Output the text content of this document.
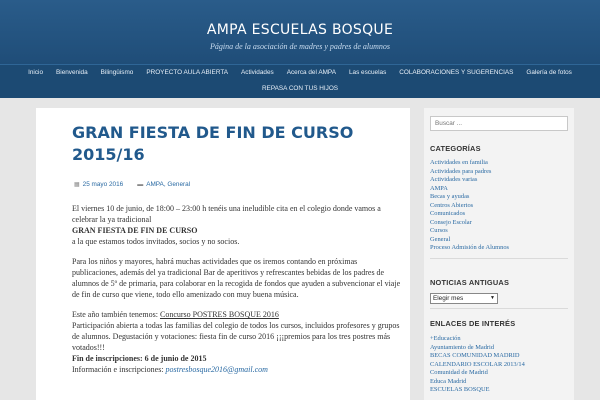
AMPA ESCUELAS BOSQUE
Página de la asociación de madres y padres de alumnos
Inicio Bienvenida Bilingüismo PROYECTO AULA ABIERTA Actividades Acerca del AMPA Las escuelas COLABORACIONES Y SUGERENCIAS Galería de fotos
REPASA CON TUS HIJOS
GRAN FIESTA DE FIN DE CURSO 2015/16
▦ 25 mayo 2016 ▬ AMPA, General

El viernes 10 de junio, de 18:00 – 23:00 h tenéis una ineludible cita en el colegio donde vamos a celebrar la ya tradicional
GRAN FIESTA DE FIN DE CURSO
a la que estamos todos invitados, socios y no socios.

Para los niños y mayores, habrá muchas actividades que os iremos contando en próximas publicaciones, además del ya tradicional Bar de aperitivos y refrescantes bebidas de los padres de alumnos de 5º de primaria, para colaborar en la recogida de fondos que ayuden a subvencionar el viaje de fin de curso que viene, todo ello amenizado con muy buena música.

Este año también tenemos: Concurso POSTRES BOSQUE 2016
Participación abierta a todas las familias del colegio de todos los cursos, incluidos profesores y grupos de alumnos. Degustación y votaciones: fiesta fin de curso 2016 ¡¡¡premios para los tres postres más votados!!!
Fin de inscripciones: 6 de junio de 2015
Información e inscripciones: postresbosque2016@gmail.com

Buscar ...
CATEGORÍAS
Actividades en familia
Actividades para padres
Actividades varias
AMPA
Becas y ayudas
Centros Abiertos
Comunicados
Consejo Escolar
Cursos
General
Proceso Admisión de Alumnos
NOTICIAS ANTIGUAS
Elegir mes	▼
ENLACES DE INTERÉS
+Educación
Ayuntamiento de Madrid
BECAS COMUNIDAD MADRID
CALENDARIO ESCOLAR 2013/14
Comunidad de Madrid
Educa Madrid
ESCUELAS BOSQUE
